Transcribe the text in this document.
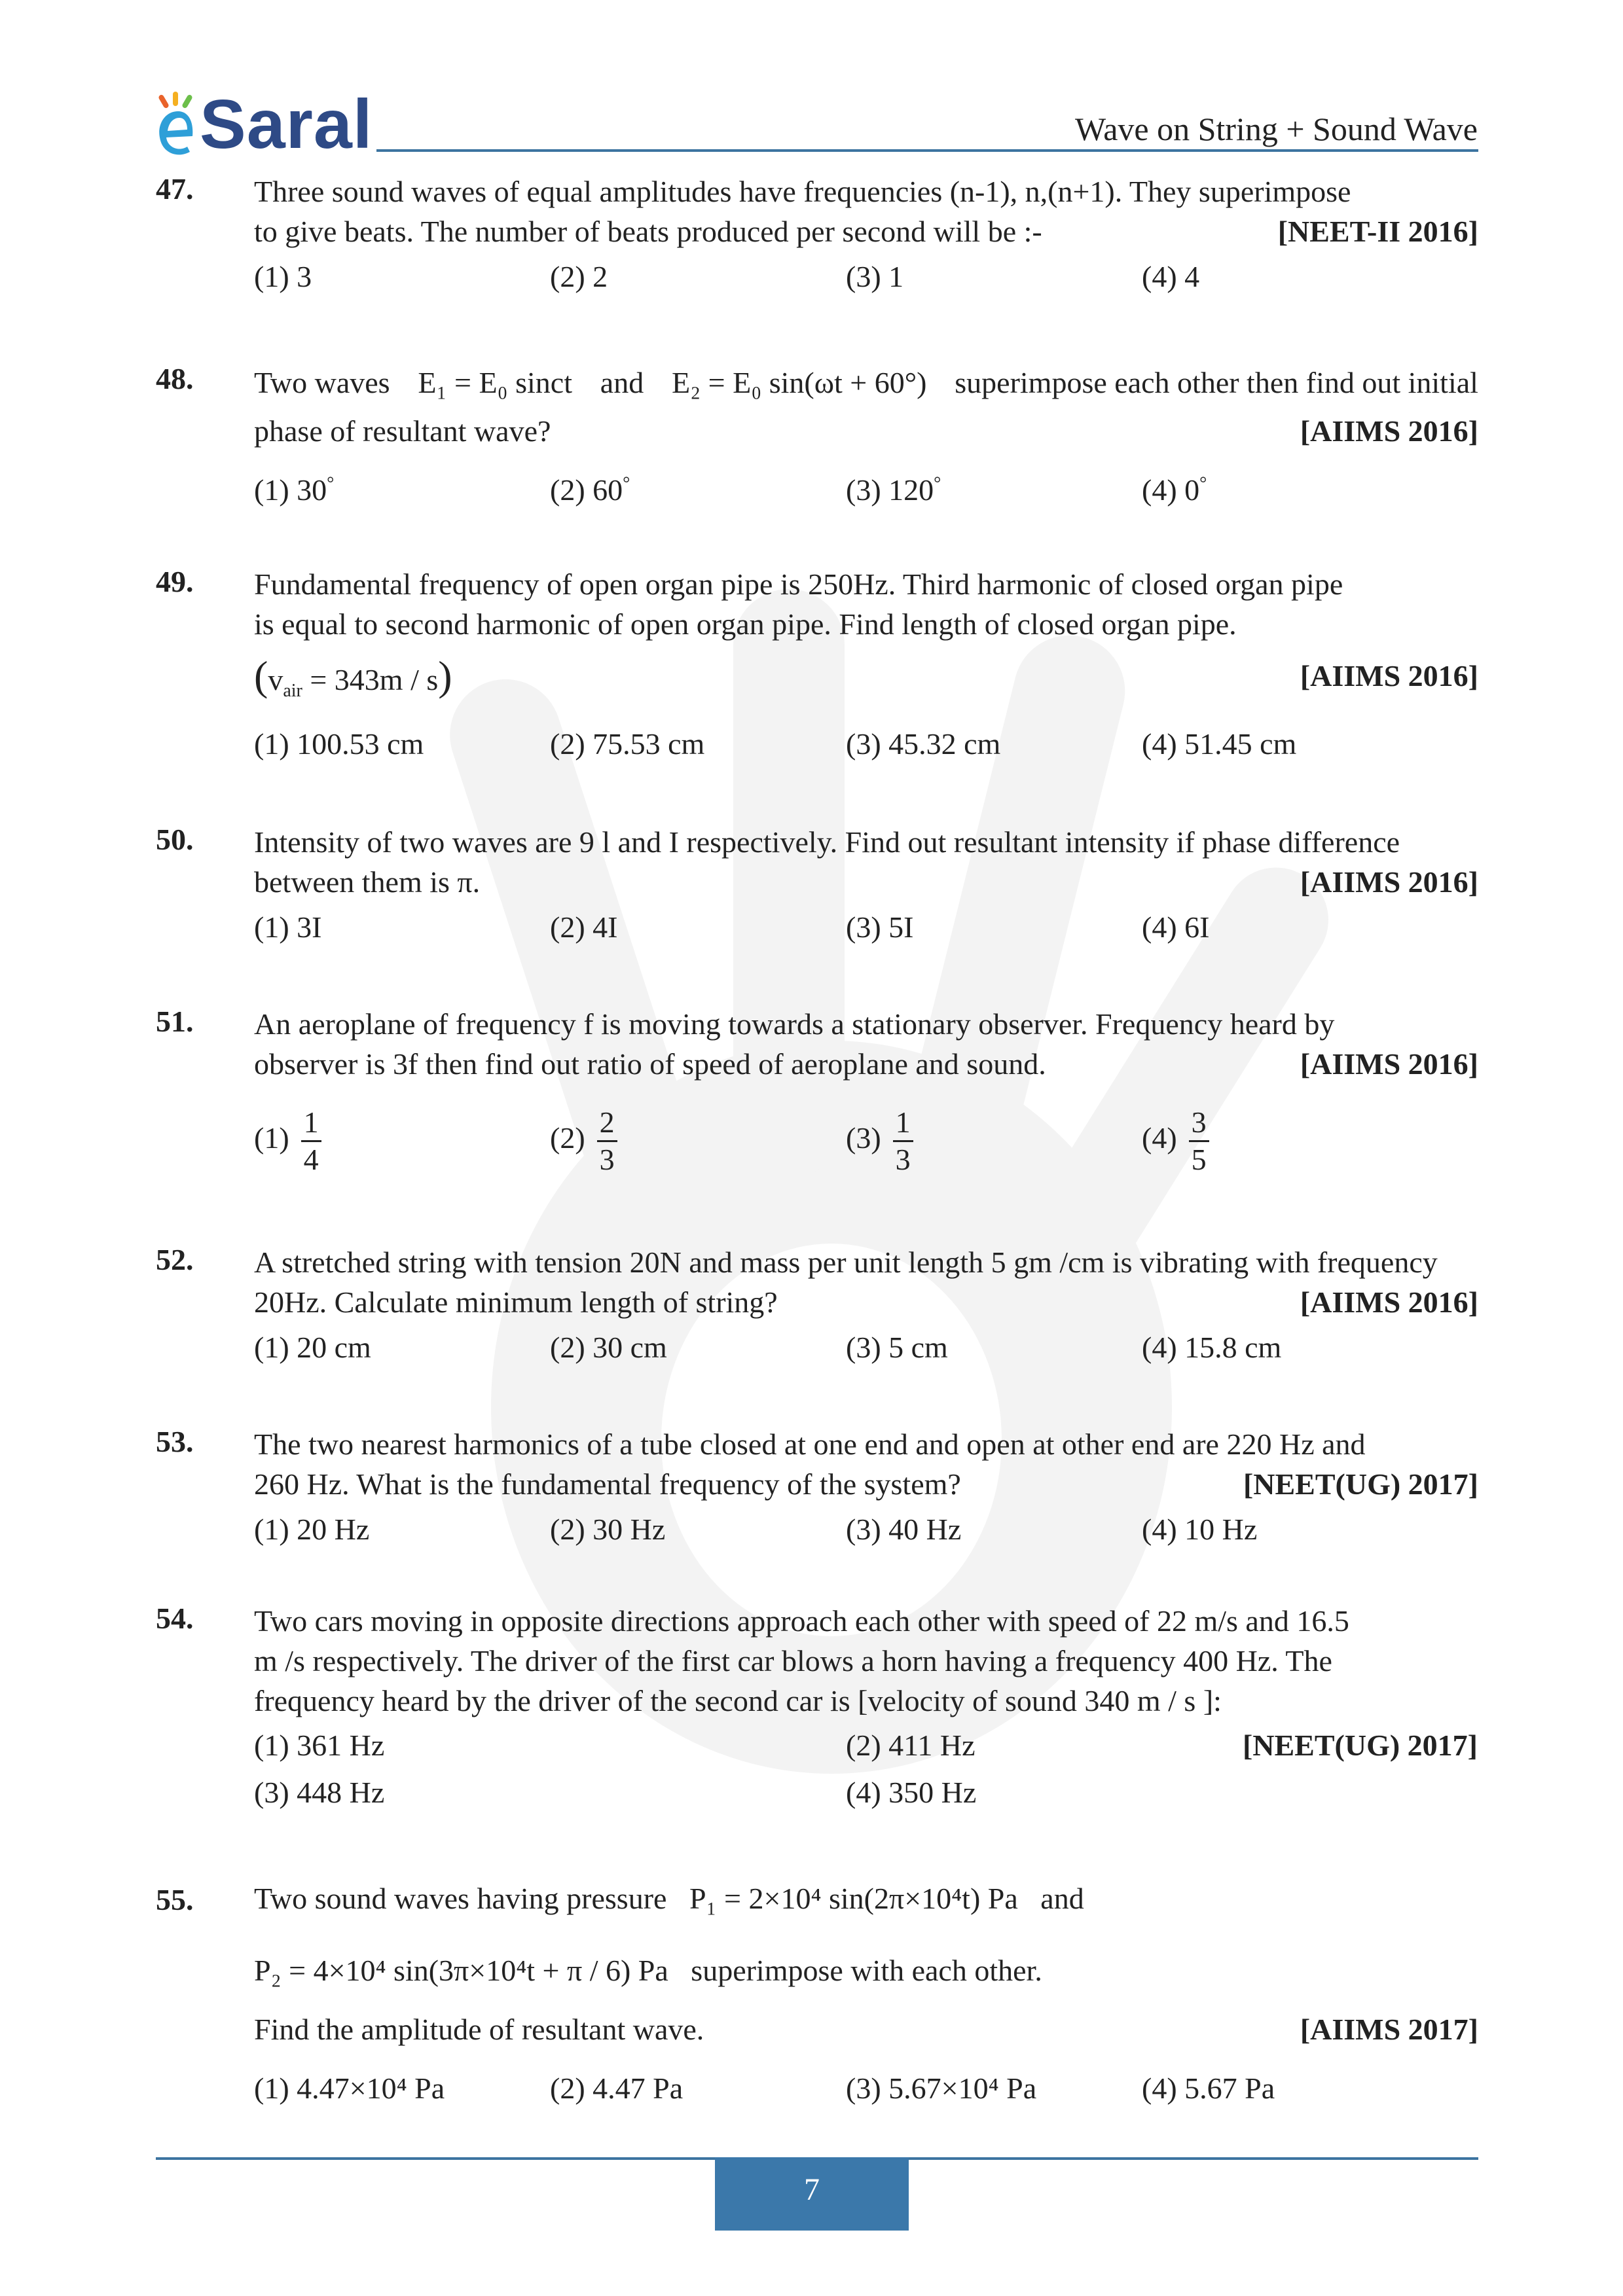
Saral	Wave on String + Sound Wave
47. Three sound waves of equal amplitudes have frequencies (n-1), n,(n+1). They superimpose
to give beats. The number of beats produced per second will be :-	[NEET-II 2016]
(1) 3	(2) 2	(3) 1	(4) 4
48. Two waves E₁ = E₀ sinct and E₂ = E₀ sin(ωt + 60°) superimpose each other then find out initial
phase of resultant wave?	[AIIMS 2016]
(1) 30°	(2) 60°	(3) 120°	(4) 0°
49. Fundamental frequency of open organ pipe is 250Hz. Third harmonic of closed organ pipe
is equal to second harmonic of open organ pipe. Find length of closed organ pipe.
$(v_{air} = 343m / s)$	[AIIMS 2016]
(1) 100.53 cm	(2) 75.53 cm	(3) 45.32 cm	(4) 51.45 cm
50. Intensity of two waves are 9 l and I respectively. Find out resultant intensity if phase difference
between them is π.	[AIIMS 2016]
(1) 3I	(2) 4I	(3) 5I	(4) 6I
51. An aeroplane of frequency f is moving towards a stationary observer. Frequency heard by
observer is 3f then find out ratio of speed of aeroplane and sound.	[AIIMS 2016]
$(1) \frac{1}{4}$	$(2) \frac{2}{3}$	$(3) \frac{1}{3}$	$(4) \frac{3}{5}$
52. A stretched string with tension 20N and mass per unit length 5 gm /cm is vibrating with frequency
20Hz. Calculate minimum length of string?	[AIIMS 2016]
(1) 20 cm	(2) 30 cm	(3) 5 cm	(4) 15.8 cm
53. The two nearest harmonics of a tube closed at one end and open at other end are 220 Hz and
260 Hz. What is the fundamental frequency of the system?	[NEET(UG) 2017]
(1) 20 Hz	(2) 30 Hz	(3) 40 Hz	(4) 10 Hz
54. Two cars moving in opposite directions approach each other with speed of 22 m/s and 16.5
m /s respectively. The driver of the first car blows a horn having a frequency 400 Hz. The
frequency heard by the driver of the second car is [velocity of sound 340 m / s ]:
(1) 361 Hz	(2) 411 Hz	[NEET(UG) 2017]
(3) 448 Hz	(4) 350 Hz
55. Two sound waves having pressure P₁ = 2×10⁴ sin(2π×10⁴t) Pa and
P₂ = 4×10⁴ sin(3π×10⁴t + π / 6) Pa superimpose with each other.
Find the amplitude of resultant wave.	[AIIMS 2017]
(1) 4.47×10⁴ Pa	(2) 4.47 Pa	(3) 5.67×10⁴ Pa	(4) 5.67 Pa
7
